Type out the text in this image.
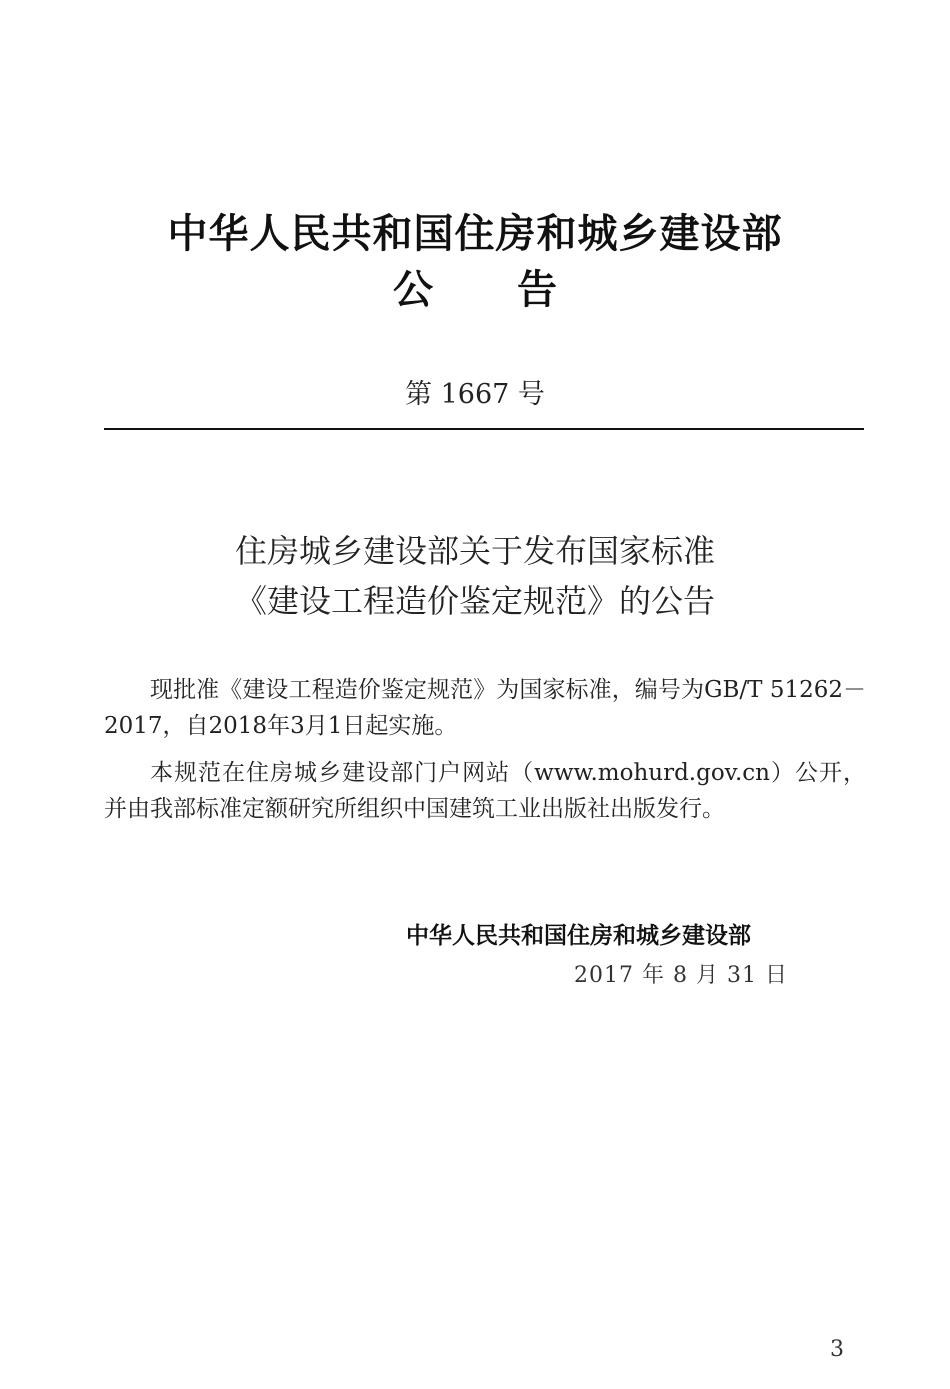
中华人民共和国住房和城乡建设部
公告
第 1667 号
住房城乡建设部关于发布国家标准
《建设工程造价鉴定规范》的公告

现批准《建设工程造价鉴定规范》为国家标准，编号为GB/T 51262－2017，自2018年3月1日起实施。

本规范在住房城乡建设部门户网站（www.mohurd.gov.cn）公开，并由我部标准定额研究所组织中国建筑工业出版社出版发行。

中华人民共和国住房和城乡建设部
2017 年 8 月 31 日
3
